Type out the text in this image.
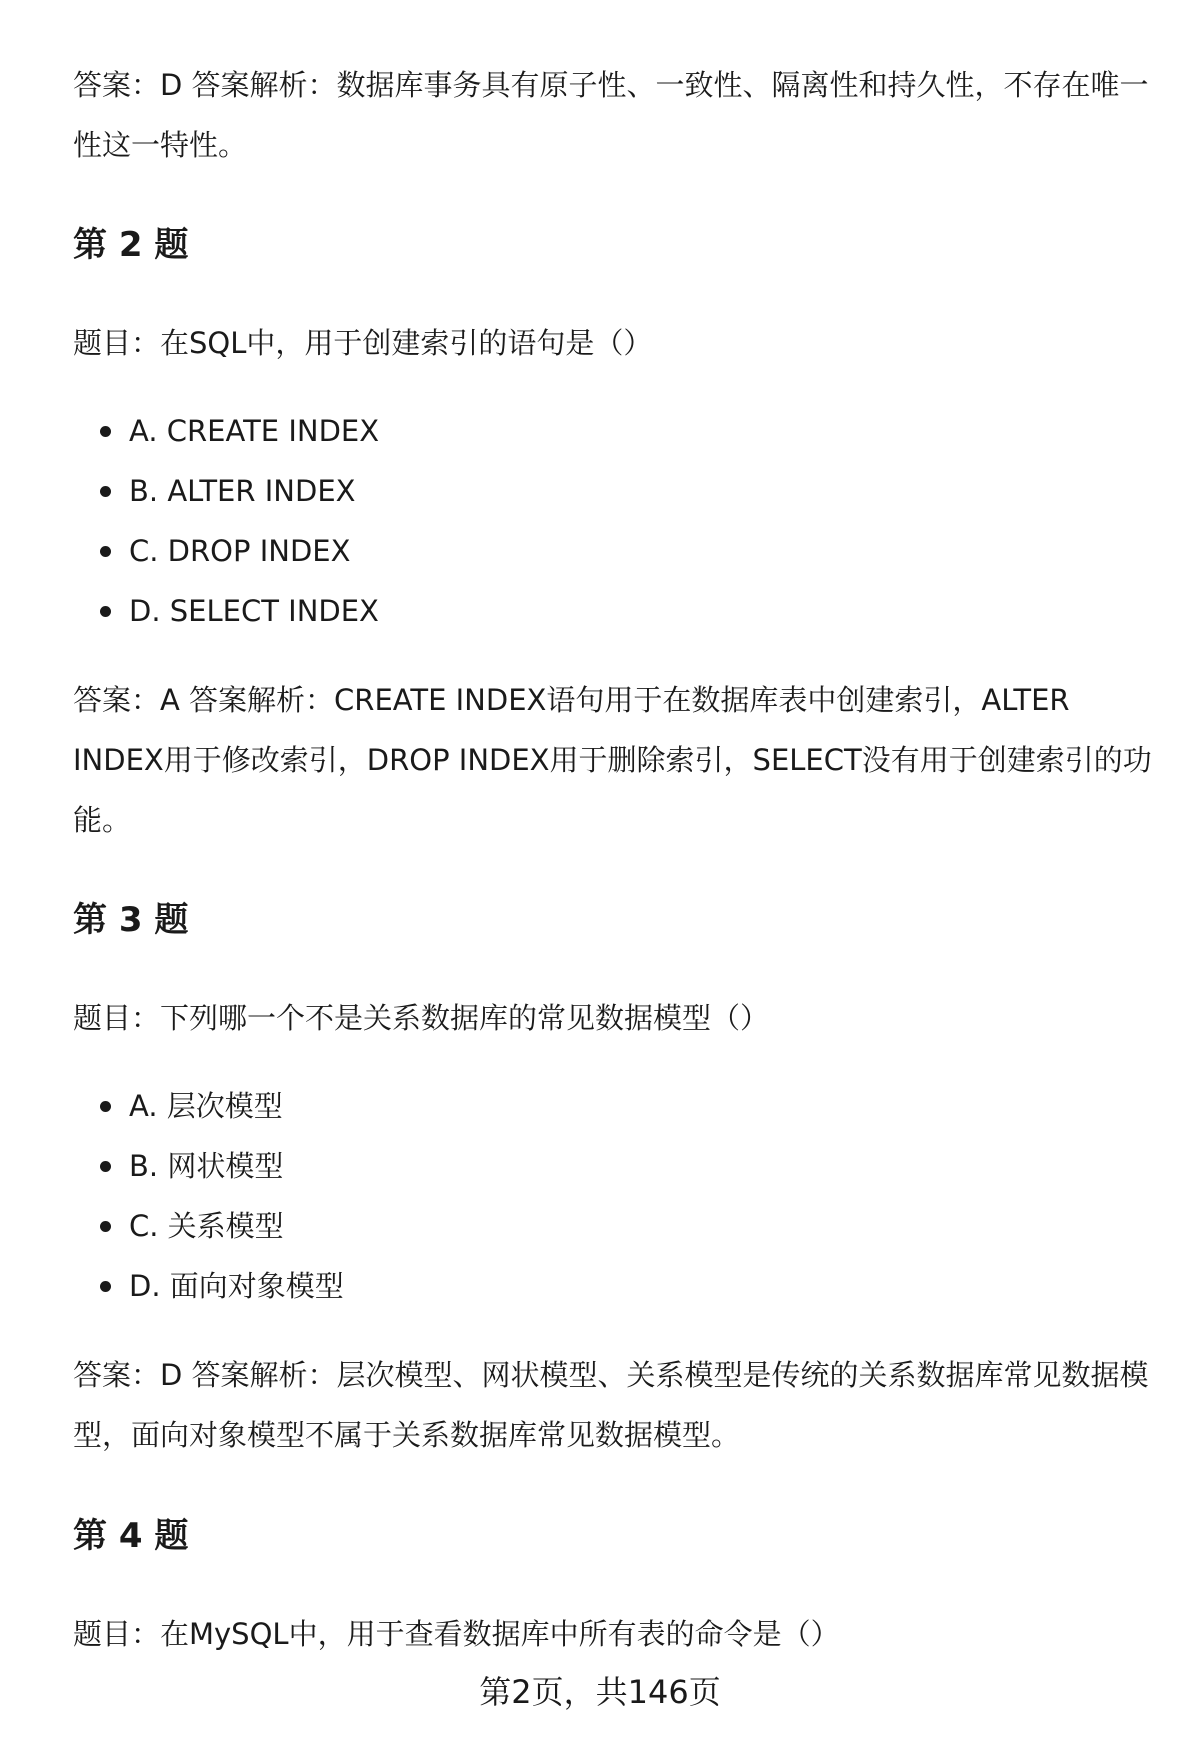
答案：D 答案解析：数据库事务具有原子性、一致性、隔离性和持久性，不存在唯一性这一特性。

第 2 题

题目：在SQL中，用于创建索引的语句是（）

A. CREATE INDEX
B. ALTER INDEX
C. DROP INDEX
D. SELECT INDEX

答案：A 答案解析：CREATE INDEX语句用于在数据库表中创建索引，ALTER INDEX用于修改索引，DROP INDEX用于删除索引，SELECT没有用于创建索引的功能。

第 3 题

题目：下列哪一个不是关系数据库的常见数据模型（）

A. 层次模型
B. 网状模型
C. 关系模型
D. 面向对象模型

答案：D 答案解析：层次模型、网状模型、关系模型是传统的关系数据库常见数据模型，面向对象模型不属于关系数据库常见数据模型。

第 4 题

题目：在MySQL中，用于查看数据库中所有表的命令是（）

第2页，共146页
